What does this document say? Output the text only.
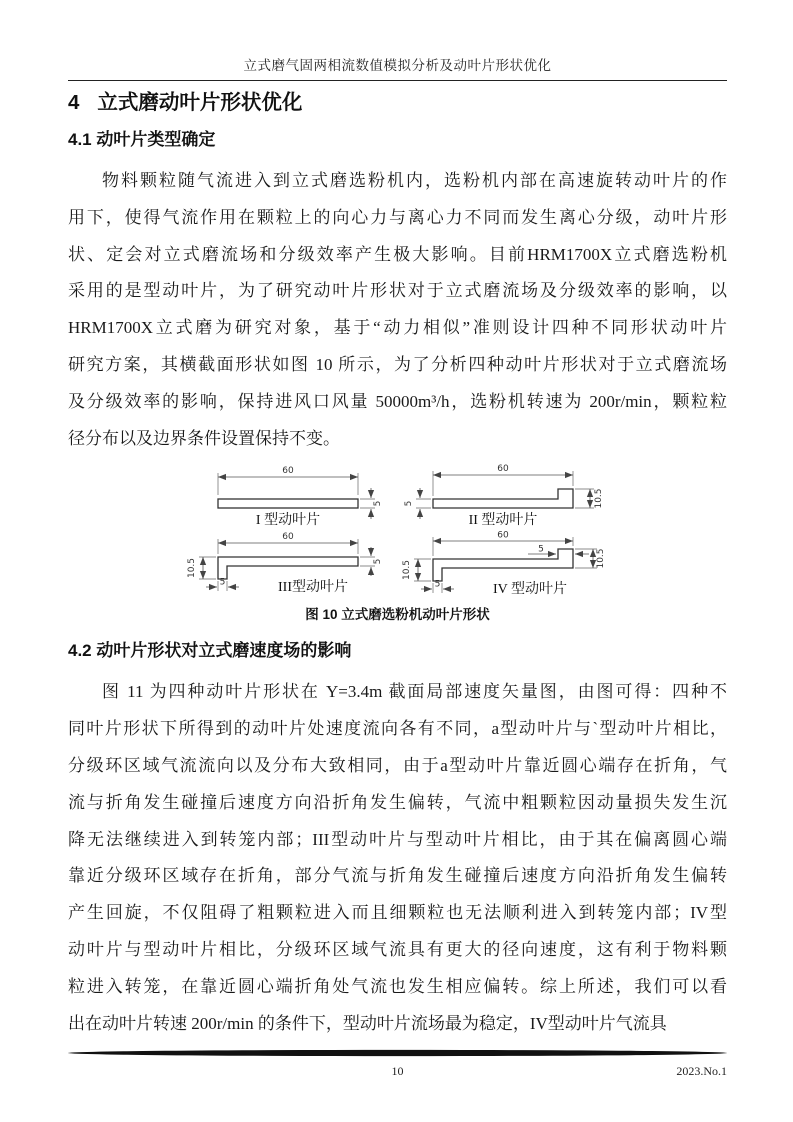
立式磨气固两相流数值模拟分析及动叶片形状优化
4 立式磨动叶片形状优化
4.1 动叶片类型确定
物料颗粒随气流进入到立式磨选粉机内，选粉机内部在高速旋转动叶片的作
用下，使得气流作用在颗粒上的向心力与离心力不同而发生离心分级，动叶片形
状、定会对立式磨流场和分级效率产生极大影响。目前HRM1700X立式磨选粉机
采用的是型动叶片，为了研究动叶片形状对于立式磨流场及分级效率的影响，以
HRM1700X立式磨为研究对象，基于“动力相似”准则设计四种不同形状动叶片
研究方案，其横截面形状如图 10 所示，为了分析四种动叶片形状对于立式磨流场
及分级效率的影响，保持进风口风量 50000m³/h，选粉机转速为 200r/min，颗粒粒
径分布以及边界条件设置保持不变。
60
5
I 型动叶片
60
5	10.5
II 型动叶片
60
10.5	5
5	III型动叶片
60
5	10.5
10.5
5	IV 型动叶片
图 10 立式磨选粉机动叶片形状
4.2 动叶片形状对立式磨速度场的影响
图 11 为四种动叶片形状在 Y=3.4m 截面局部速度矢量图，由图可得：四种不
同叶片形状下所得到的动叶片处速度流向各有不同，a型动叶片与`型动叶片相比，
分级环区域气流流向以及分布大致相同，由于a型动叶片靠近圆心端存在折角，气
流与折角发生碰撞后速度方向沿折角发生偏转，气流中粗颗粒因动量损失发生沉
降无法继续进入到转笼内部；III型动叶片与型动叶片相比，由于其在偏离圆心端
靠近分级环区域存在折角，部分气流与折角发生碰撞后速度方向沿折角发生偏转
产生回旋，不仅阻碍了粗颗粒进入而且细颗粒也无法顺利进入到转笼内部；IV型
动叶片与型动叶片相比，分级环区域气流具有更大的径向速度，这有利于物料颗
粒进入转笼，在靠近圆心端折角处气流也发生相应偏转。综上所述，我们可以看
出在动叶片转速 200r/min 的条件下，型动叶片流场最为稳定，IV型动叶片气流具
10	2023.No.1
